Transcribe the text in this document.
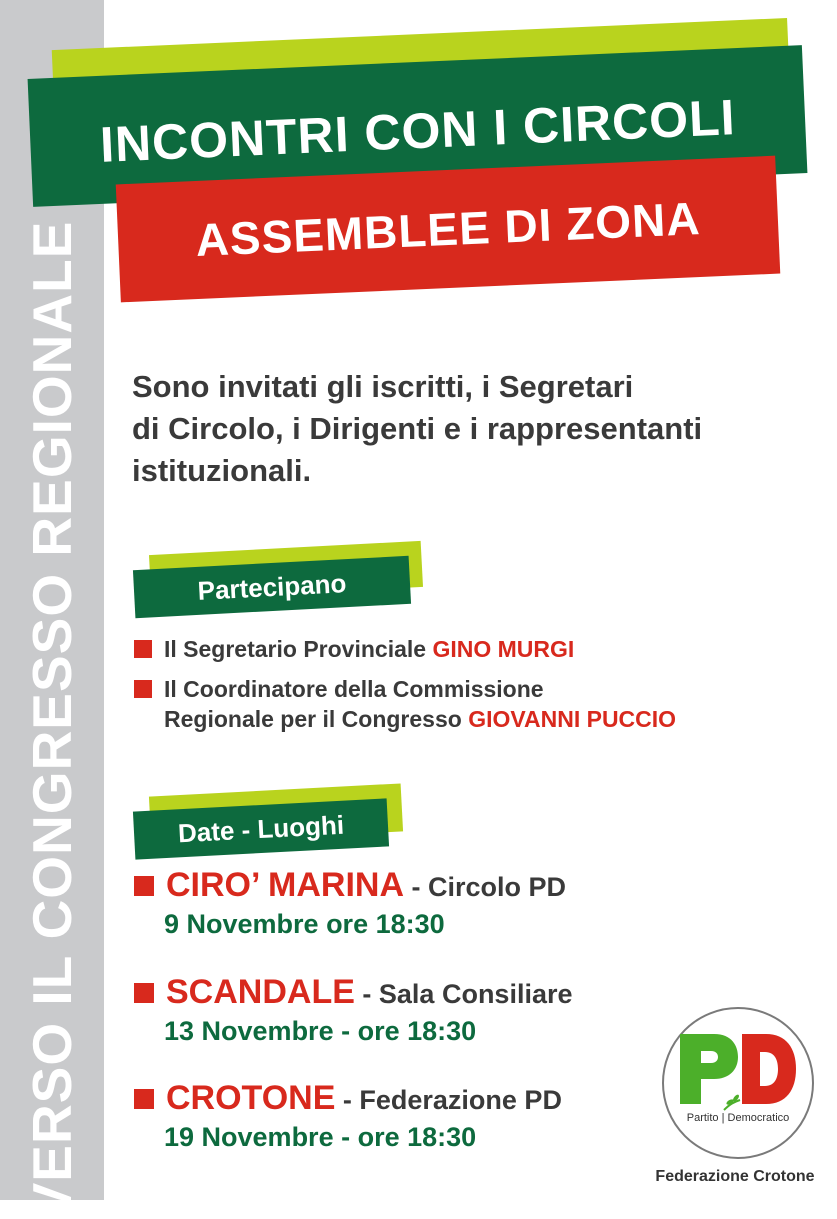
VERSO IL CONGRESSO REGIONALE
INCONTRI CON I CIRCOLI
ASSEMBLEE DI ZONA
Sono invitati gli iscritti, i Segretari
di Circolo, i Dirigenti e i rappresentanti
istituzionali.
Partecipano
Il Segretario Provinciale GINO MURGI
Il Coordinatore della Commissione
Regionale per il Congresso GIOVANNI PUCCIO
Date - Luoghi
CIRO’ MARINA - Circolo PD
9 Novembre ore 18:30
SCANDALE - Sala Consiliare
13 Novembre - ore 18:30
CROTONE - Federazione PD
19 Novembre - ore 18:30
Partito | Democratico
Federazione Crotone
